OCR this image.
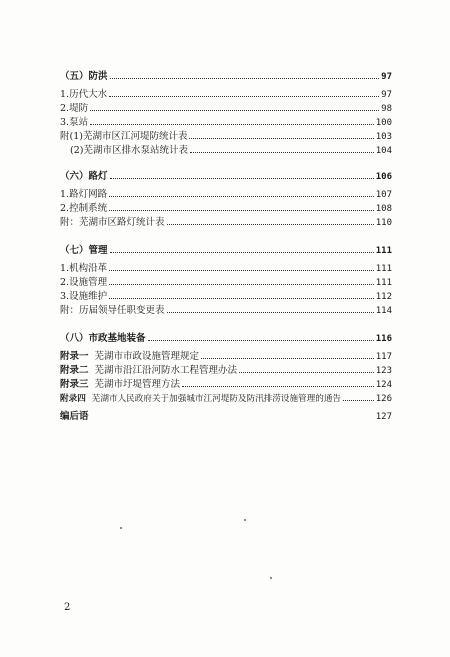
（五）防洪	97
1.历代大水	97
2.堤防	98
3.泵站	100
附(1)芜湖市区江河堤防统计表	103
(2)芜湖市区排水泵站统计表	104
（六）路灯	106
1.路灯网路	107
2.控制系统	108
附：芜湖市区路灯统计表	110
（七）管理	111
1.机构沿革	111
2.设施管理	111
3.设施维护	112
附：历届领导任职变更表	114
（八）市政基地装备	116
附录一 芜湖市市政设施管理规定	117
附录二 芜湖市沿江沿河防水工程管理办法	123
附录三 芜湖市圩堤管理方法	124
附录四 芜湖市人民政府关于加强城市江河堤防及防汛排涝设施管理的通告	126
编后语	127
2
